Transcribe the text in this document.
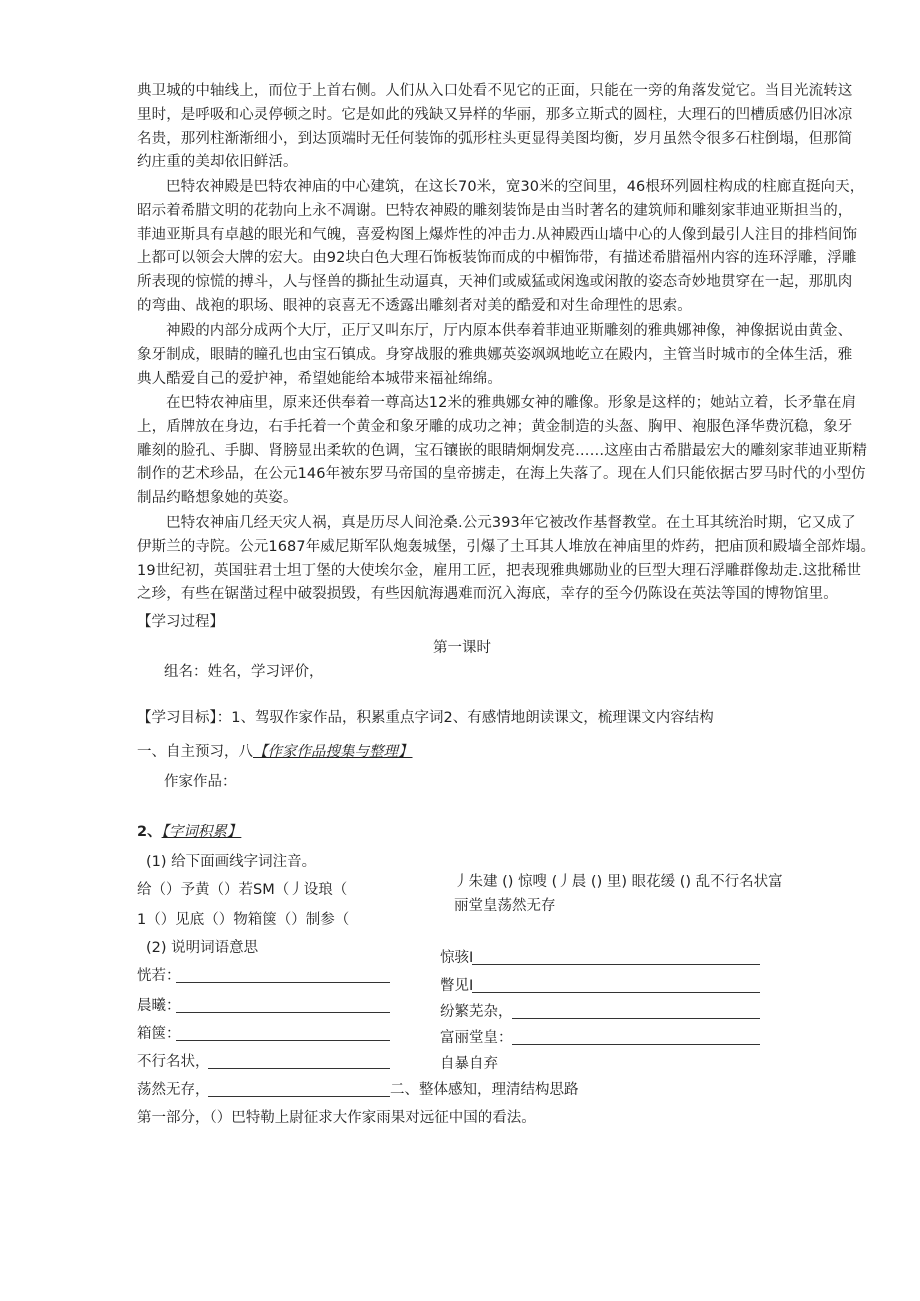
典卫城的中轴线上，而位于上首右侧。人们从入口处看不见它的正面，只能在一旁的角落发觉它。当目光流转这
里时，是呼吸和心灵停顿之时。它是如此的残缺又异样的华丽，那多立斯式的圆柱，大理石的凹槽质感仍旧冰凉
名贵，那列柱渐渐细小，到达顶端时无任何装饰的弧形柱头更显得美图均衡，岁月虽然令很多石柱倒塌，但那简
约庄重的美却依旧鲜活。
巴特农神殿是巴特农神庙的中心建筑，在这长70米，宽30米的空间里，46根环列圆柱构成的柱廊直挺向天，
昭示着希腊文明的花勃向上永不凋谢。巴特农神殿的雕刻装饰是由当时著名的建筑师和雕刻家菲迪亚斯担当的，
菲迪亚斯具有卓越的眼光和气魄，喜爱构图上爆炸性的冲击力.从神殿西山墙中心的人像到最引人注目的排档间饰
上都可以领会大牌的宏大。由92块白色大理石饰板装饰而成的中楣饰带，有描述希腊福州内容的连环浮雕，浮雕
所表现的惊慌的搏斗，人与怪兽的撕扯生动逼真，天神们或威猛或闲逸或闲散的姿态奇妙地贯穿在一起，那肌肉
的弯曲、战袍的职场、眼神的哀喜无不透露出雕刻者对美的酷爱和对生命理性的思索。
神殿的内部分成两个大厅，正厅又叫东厅，厅内原本供奉着菲迪亚斯雕刻的雅典娜神像，神像据说由黄金、
象牙制成，眼睛的瞳孔也由宝石镇成。身穿战服的雅典娜英姿飒飒地屹立在殿内，主管当时城市的全体生活，雅
典人酷爱自己的爱护神，希望她能给本城带来福祉绵绵。
在巴特农神庙里，原来还供奉着一尊高达12米的雅典娜女神的雕像。形象是这样的；她站立着，长矛靠在肩
上，盾牌放在身边，右手托着一个黄金和象牙雕的成功之神；黄金制造的头盔、胸甲、袍服色泽华费沉稳，象牙
雕刻的脸孔、手脚、肾膀显出柔软的色调，宝石镶嵌的眼睛炯炯发亮……这座由古希腊最宏大的雕刻家菲迪亚斯精
制作的艺术珍品，在公元146年被东罗马帝国的皇帝掳走，在海上失落了。现在人们只能依据古罗马时代的小型仿
制品约略想象她的英姿。
巴特农神庙几经天灾人祸，真是历尽人间沧桑.公元393年它被改作基督教堂。在土耳其统治时期，它又成了
伊斯兰的寺院。公元1687年威尼斯军队炮轰城堡，引爆了土耳其人堆放在神庙里的炸药，把庙顶和殿墙全部炸塌。
19世纪初，英国驻君士坦丁堡的大使埃尔金，雇用工匠，把表现雅典娜勋业的巨型大理石浮雕群像劫走.这批稀世
之珍，有些在锯凿过程中破裂损毁，有些因航海遇难而沉入海底，幸存的至今仍陈设在英法等国的博物馆里。
【学习过程】
第一课时
组名：姓名，学习评价，
【学习目标】：1、驾驭作家作品，积累重点字词2、有感情地朗读课文，梳理课文内容结构
一、自主预习，八【作家作品搜集与整理】
作家作品：
2、【字词积累】
(1) 给下面画线字词注音。
给（）予黄（）若SM（丿设琅（
1（）见底（）物箱箧（）制参（
丿朱建 () 惊嗖 (丿晨 () 里) 眼花缓 () 乱不行名状富
丽堂皇荡然无存
(2) 说明词语意思
恍若：
晨曦：
箱箧：
不行名状，
荡然无存，	二、整体感知，理清结构思路
惊骇I
瞥见I
纷繁芜杂，
富丽堂皇：
自暴自弃
第一部分，（）巴特勒上尉征求大作家雨果对远征中国的看法。
